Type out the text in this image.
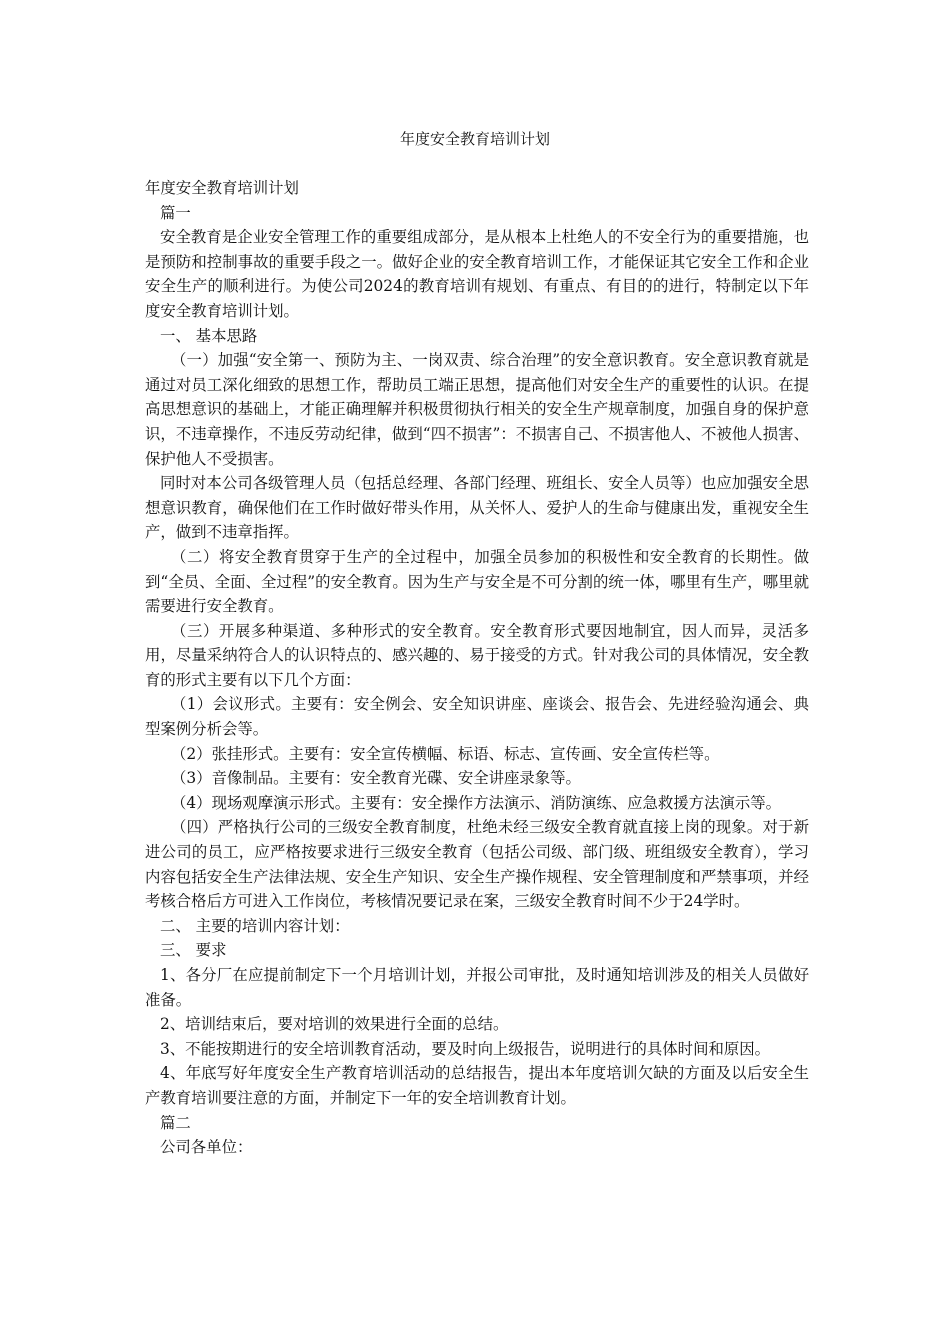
年度安全教育培训计划

年度安全教育培训计划

篇一

安全教育是企业安全管理工作的重要组成部分，是从根本上杜绝人的不安全行为的重要措施，也是预防和控制事故的重要手段之一。做好企业的安全教育培训工作，才能保证其它安全工作和企业安全生产的顺利进行。为使公司2024的教育培训有规划、有重点、有目的的进行，特制定以下年度安全教育培训计划。

一、 基本思路

（一）加强“安全第一、预防为主、一岗双责、综合治理”的安全意识教育。安全意识教育就是通过对员工深化细致的思想工作，帮助员工端正思想，提高他们对安全生产的重要性的认识。在提高思想意识的基础上，才能正确理解并积极贯彻执行相关的安全生产规章制度，加强自身的保护意识，不违章操作，不违反劳动纪律，做到“四不损害”：不损害自己、不损害他人、不被他人损害、保护他人不受损害。

同时对本公司各级管理人员（包括总经理、各部门经理、班组长、安全人员等）也应加强安全思想意识教育，确保他们在工作时做好带头作用，从关怀人、爱护人的生命与健康出发，重视安全生产，做到不违章指挥。

（二）将安全教育贯穿于生产的全过程中，加强全员参加的积极性和安全教育的长期性。做到“全员、全面、全过程”的安全教育。因为生产与安全是不可分割的统一体，哪里有生产，哪里就需要进行安全教育。

（三）开展多种渠道、多种形式的安全教育。安全教育形式要因地制宜，因人而异，灵活多用，尽量采纳符合人的认识特点的、感兴趣的、易于接受的方式。针对我公司的具体情况，安全教育的形式主要有以下几个方面：

（1）会议形式。主要有：安全例会、安全知识讲座、座谈会、报告会、先进经验沟通会、典型案例分析会等。

（2）张挂形式。主要有：安全宣传横幅、标语、标志、宣传画、安全宣传栏等。

（3）音像制品。主要有：安全教育光碟、安全讲座录象等。

（4）现场观摩演示形式。主要有：安全操作方法演示、消防演练、应急救援方法演示等。

（四）严格执行公司的三级安全教育制度，杜绝未经三级安全教育就直接上岗的现象。对于新进公司的员工，应严格按要求进行三级安全教育（包括公司级、部门级、班组级安全教育），学习内容包括安全生产法律法规、安全生产知识、安全生产操作规程、安全管理制度和严禁事项，并经考核合格后方可进入工作岗位，考核情况要记录在案，三级安全教育时间不少于24学时。

二、 主要的培训内容计划：

三、 要求

1、各分厂在应提前制定下一个月培训计划，并报公司审批，及时通知培训涉及的相关人员做好准备。

2、培训结束后，要对培训的效果进行全面的总结。

3、不能按期进行的安全培训教育活动，要及时向上级报告，说明进行的具体时间和原因。

4、年底写好年度安全生产教育培训活动的总结报告，提出本年度培训欠缺的方面及以后安全生产教育培训要注意的方面，并制定下一年的安全培训教育计划。

篇二

公司各单位：
